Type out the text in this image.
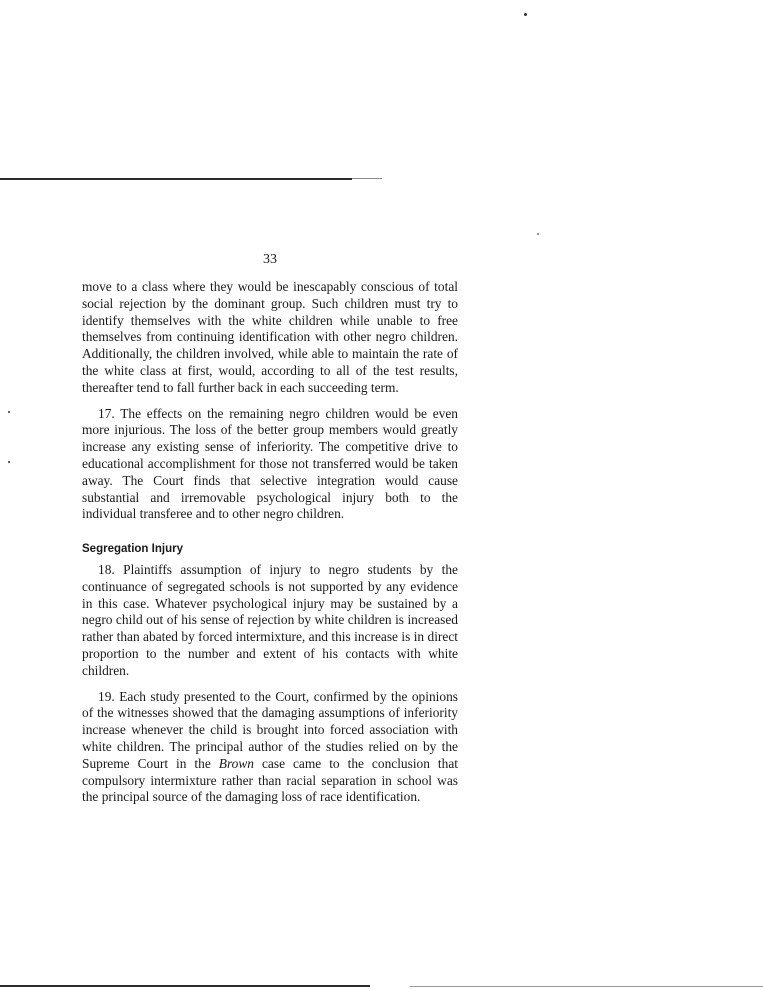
33

move to a class where they would be inescapably conscious of total social rejection by the dominant group. Such children must try to identify themselves with the white children while unable to free themselves from continuing identification with other negro children. Additionally, the children involved, while able to maintain the rate of the white class at first, would, according to all of the test results, thereafter tend to fall further back in each succeeding term.

17. The effects on the remaining negro children would be even more injurious. The loss of the better group members would greatly increase any existing sense of inferiority. The competitive drive to educational accomplishment for those not transferred would be taken away. The Court finds that selective integration would cause substantial and irremovable psychological injury both to the individual transferee and to other negro children.

Segregation Injury

18. Plaintiffs assumption of injury to negro students by the continuance of segregated schools is not supported by any evidence in this case. Whatever psychological injury may be sustained by a negro child out of his sense of rejection by white children is increased rather than abated by forced intermixture, and this increase is in direct proportion to the number and extent of his contacts with white children.

19. Each study presented to the Court, confirmed by the opinions of the witnesses showed that the damaging assumptions of inferiority increase whenever the child is brought into forced association with white children. The principal author of the studies relied on by the Supreme Court in the Brown case came to the conclusion that compulsory intermixture rather than racial separation in school was the principal source of the damaging loss of race identification.
